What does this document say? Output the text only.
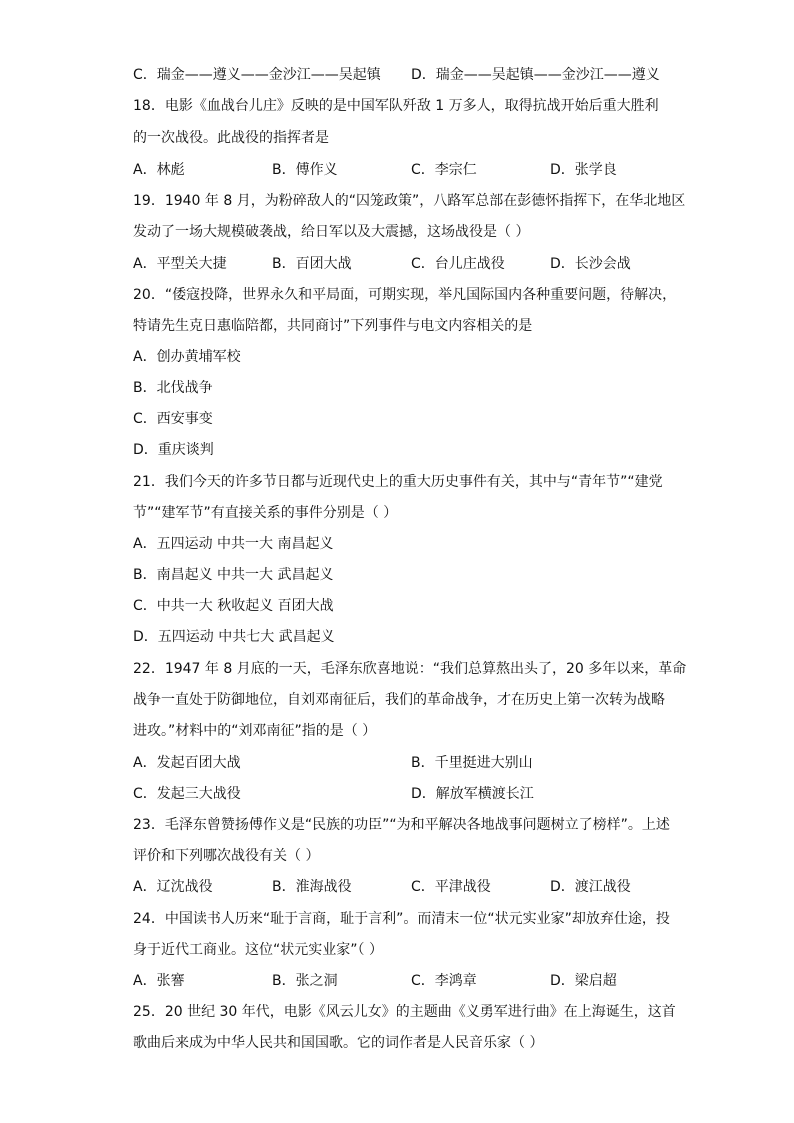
C．瑞金——遵义——金沙江——吴起镇 D．瑞金——吴起镇——金沙江——遵义
18．电影《血战台儿庄》反映的是中国军队歼敌 1 万多人，取得抗战开始后重大胜利
的一次战役。此战役的指挥者是
A．林彪	B．傅作义	C．李宗仁	D．张学良
19．1940 年 8 月，为粉碎敌人的“囚笼政策”，八路军总部在彭德怀指挥下，在华北地区
发动了一场大规模破袭战，给日军以及大震撼，这场战役是（ ）
A．平型关大捷	B．百团大战	C．台儿庄战役	D．长沙会战
20．“倭寇投降，世界永久和平局面，可期实现，举凡国际国内各种重要问题，待解决，
特请先生克日惠临陪都，共同商讨”下列事件与电文内容相关的是
A．创办黄埔军校
B．北伐战争
C．西安事变
D．重庆谈判
21．我们今天的许多节日都与近现代史上的重大历史事件有关，其中与“青年节”“建党
节”“建军节”有直接关系的事件分别是（ ）
A．五四运动 中共一大 南昌起义
B．南昌起义 中共一大 武昌起义
C．中共一大 秋收起义 百团大战
D．五四运动 中共七大 武昌起义
22．1947 年 8 月底的一天，毛泽东欣喜地说：“我们总算熬出头了，20 多年以来，革命
战争一直处于防御地位，自刘邓南征后，我们的革命战争，才在历史上第一次转为战略
进攻。”材料中的“刘邓南征”指的是（ ）
A．发起百团大战	B．千里挺进大别山
C．发起三大战役	D．解放军横渡长江
23．毛泽东曾赞扬傅作义是“民族的功臣”“为和平解决各地战事问题树立了榜样”。上述
评价和下列哪次战役有关（ ）
A．辽沈战役	B．淮海战役	C．平津战役	D．渡江战役
24．中国读书人历来“耻于言商，耻于言利”。而清末一位“状元实业家”却放弃仕途，投
身于近代工商业。这位“状元实业家”（ ）
A．张謇	B．张之洞	C．李鸿章	D．梁启超
25．20 世纪 30 年代，电影《风云儿女》的主题曲《义勇军进行曲》在上海诞生，这首
歌曲后来成为中华人民共和国国歌。它的词作者是人民音乐家（ ）
